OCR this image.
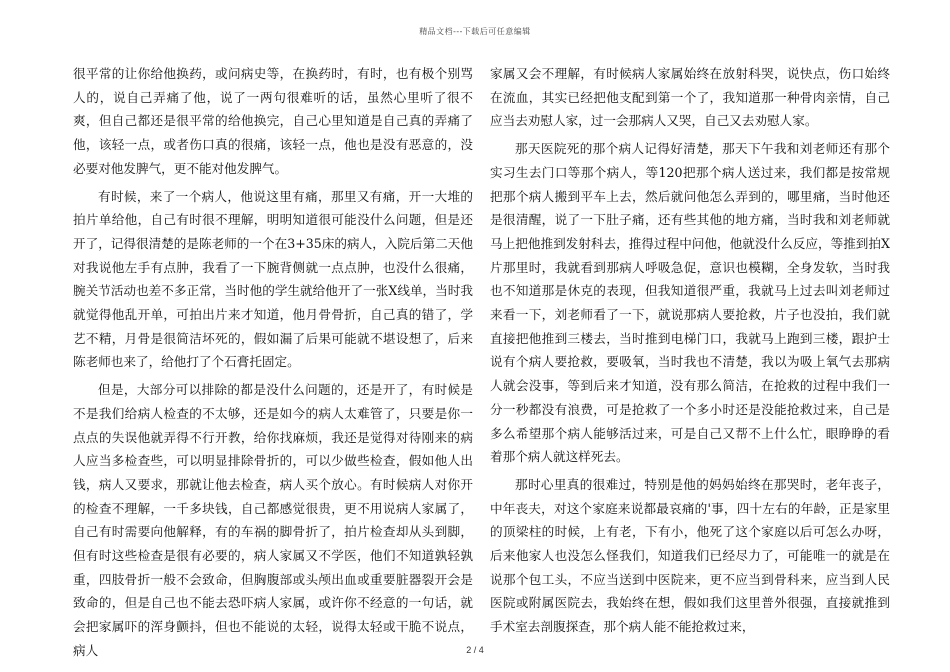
精品文档---下载后可任意编辑

很平常的让你给他换药，或问病史等，在换药时，有时，也有极个别骂人的，说自己弄痛了他，说了一两句很难听的话，虽然心里听了很不爽，但自己都还是很平常的给他换完，自己心里知道是自己真的弄痛了他，该轻一点，或者伤口真的很痛，该轻一点，他也是没有恶意的，没必要对他发脾气，更不能对他发脾气。

有时候，来了一个病人，他说这里有痛，那里又有痛，开一大堆的拍片单给他，自己有时很不理解，明明知道很可能没什么问题，但是还开了，记得很清楚的是陈老师的一个在3+35床的病人，入院后第二天他对我说他左手有点肿，我看了一下腕背侧就一点点肿，也没什么很痛，腕关节活动也差不多正常，当时他的学生就给他开了一张X线单，当时我就觉得他乱开单，可拍出片来才知道，他月骨骨折，自己真的错了，学艺不精，月骨是很简洁坏死的，假如漏了后果可能就不堪设想了，后来陈老师也来了，给他打了个石膏托固定。

但是，大部分可以排除的都是没什么问题的，还是开了，有时候是不是我们给病人检查的不太够，还是如今的病人太难管了，只要是你一点点的失误他就弄得不行开教，给你找麻烦，我还是觉得对待刚来的病人应当多检查些，可以明显排除骨折的，可以少做些检查，假如他人出钱，病人又要求，那就让他去检查，病人买个放心。有时候病人对你开的检查不理解，一千多块钱，自己都感觉很贵，更不用说病人家属了，自己有时需要向他解释，有的车祸的脚骨折了，拍片检查却从头到脚，但有时这些检查是很有必要的，病人家属又不学医，他们不知道孰轻孰重，四肢骨折一般不会致命，但胸腹部或头颅出血或重要脏器裂开会是致命的，但是自己也不能去恐吓病人家属，或许你不经意的一句话，就会把家属吓的浑身颤抖，但也不能说的太轻，说得太轻或干脆不说点，病人

家属又会不理解，有时候病人家属始终在放射科哭，说快点，伤口始终在流血，其实已经把他支配到第一个了，我知道那一种骨肉亲情，自己应当去劝慰人家，过一会那病人又哭，自己又去劝慰人家。

那天医院死的那个病人记得好清楚，那天下午我和刘老师还有那个实习生去门口等那个病人，等120把那个病人送过来，我们都是按常规把那个病人搬到平车上去，然后就问他怎么弄到的，哪里痛，当时他还是很清醒，说了一下肚子痛，还有些其他的地方痛，当时我和刘老师就马上把他推到发射科去，推得过程中问他，他就没什么反应，等推到拍X片那里时，我就看到那病人呼吸急促，意识也模糊，全身发软，当时我也不知道那是休克的表现，但我知道很严重，我就马上过去叫刘老师过来看一下，刘老师看了一下，就说那病人要抢救，片子也没拍，我们就直接把他推到三楼去，当时推到电梯门口，我就马上跑到三楼，跟护士说有个病人要抢救，要吸氧，当时我也不清楚，我以为吸上氧气去那病人就会没事，等到后来才知道，没有那么简洁，在抢救的过程中我们一分一秒都没有浪费，可是抢救了一个多小时还是没能抢救过来，自己是多么希望那个病人能够活过来，可是自己又帮不上什么忙，眼睁睁的看着那个病人就这样死去。

那时心里真的很难过，特别是他的妈妈始终在那哭时，老年丧子，中年丧夫，对这个家庭来说都最哀痛的'事，四十左右的年龄，正是家里的顶梁柱的时候，上有老，下有小，他死了这个家庭以后可怎么办呀，后来他家人也没怎么怪我们，知道我们已经尽力了，可能唯一的就是在说那个包工头，不应当送到中医院来，更不应当到骨科来，应当到人民医院或附属医院去，我始终在想，假如我们这里普外很强，直接就推到手术室去剖腹探查，那个病人能不能抢救过来，

2 / 4
